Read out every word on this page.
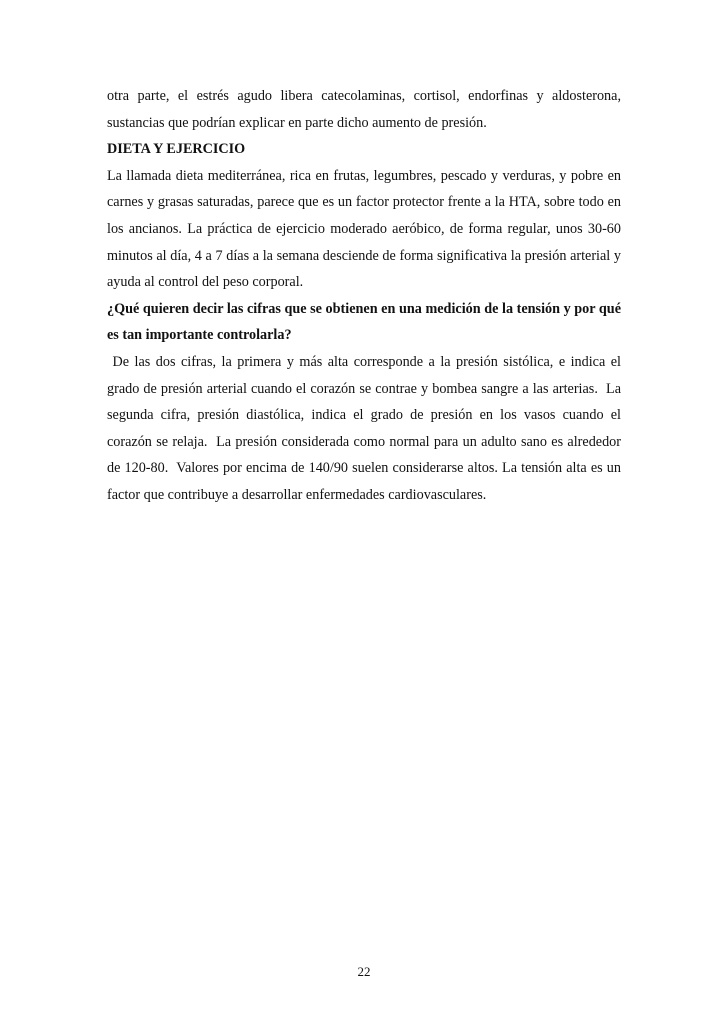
otra parte, el estrés agudo libera catecolaminas, cortisol, endorfinas y aldosterona, sustancias que podrían explicar en parte dicho aumento de presión.

DIETA Y EJERCICIO

La llamada dieta mediterránea, rica en frutas, legumbres, pescado y verduras, y pobre en carnes y grasas saturadas, parece que es un factor protector frente a la HTA, sobre todo en los ancianos. La práctica de ejercicio moderado aeróbico, de forma regular, unos 30-60 minutos al día, 4 a 7 días a la semana desciende de forma significativa la presión arterial y ayuda al control del peso corporal.

¿Qué quieren decir las cifras que se obtienen en una medición de la tensión y por qué es tan importante controlarla?

De las dos cifras, la primera y más alta corresponde a la presión sistólica, e indica el grado de presión arterial cuando el corazón se contrae y bombea sangre a las arterias.  La segunda cifra, presión diastólica, indica el grado de presión en los vasos cuando el corazón se relaja.  La presión considerada como normal para un adulto sano es alrededor de 120-80.  Valores por encima de 140/90 suelen considerarse altos. La tensión alta es un factor que contribuye a desarrollar enfermedades cardiovasculares.

22
